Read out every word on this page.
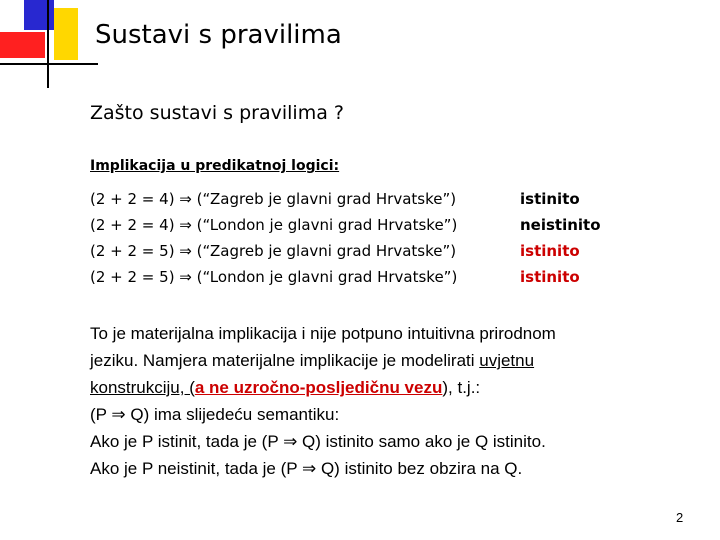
Sustavi s pravilima
Zašto sustavi s pravilima ?
Implikacija u predikatnoj logici:
(2 + 2 = 4) ⇒ (“Zagreb je glavni grad Hrvatske”)	istinito
(2 + 2 = 4) ⇒ (“London je glavni grad Hrvatske”)	neistinito
(2 + 2 = 5) ⇒ (“Zagreb je glavni grad Hrvatske”)	istinito
(2 + 2 = 5) ⇒ (“London je glavni grad Hrvatske”)	istinito
To je materijalna implikacija i nije potpuno intuitivna prirodnom
jeziku. Namjera materijalne implikacije je modelirati uvjetnu
konstrukciju, (a ne uzročno-posljedičnu vezu), t.j.:
(P ⇒ Q) ima slijedeću semantiku:
Ako je P istinit, tada je (P ⇒ Q) istinito samo ako je Q istinito.
Ako je P neistinit, tada je (P ⇒ Q) istinito bez obzira na Q.
2
